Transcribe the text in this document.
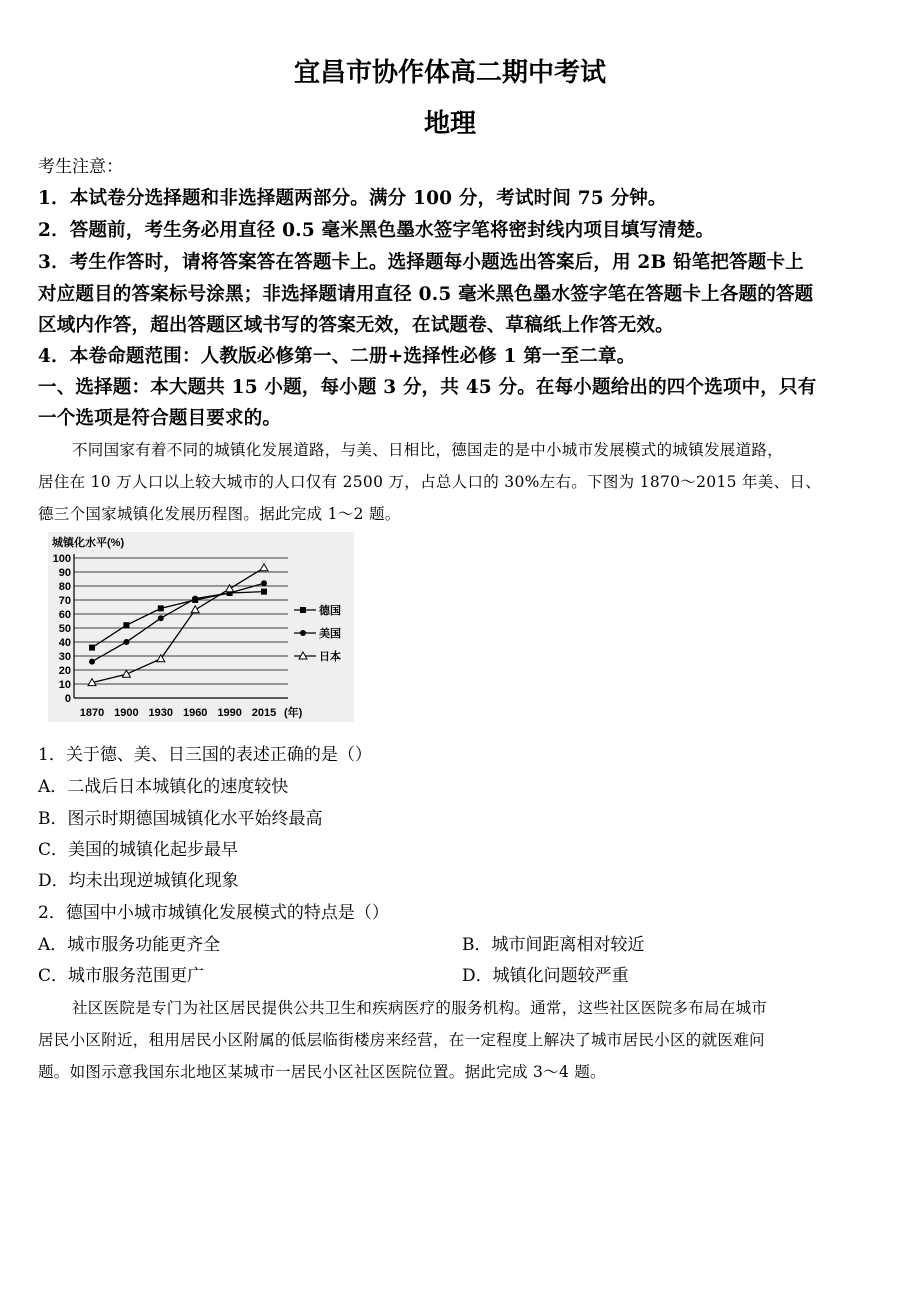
宜昌市协作体高二期中考试
地理

考生注意：

1．本试卷分选择题和非选择题两部分。满分 100 分，考试时间 75 分钟。

2．答题前，考生务必用直径 0.5 毫米黑色墨水签字笔将密封线内项目填写清楚。

3．考生作答时，请将答案答在答题卡上。选择题每小题选出答案后，用 2B 铅笔把答题卡上

对应题目的答案标号涂黑；非选择题请用直径 0.5 毫米黑色墨水签字笔在答题卡上各题的答题

区域内作答，超出答题区域书写的答案无效，在试题卷、草稿纸上作答无效。

4．本卷命题范围：人教版必修第一、二册+选择性必修 1 第一至二章。

一、选择题：本大题共 15 小题，每小题 3 分，共 45 分。在每小题给出的四个选项中，只有

一个选项是符合题目要求的。

不同国家有着不同的城镇化发展道路，与美、日相比，德国走的是中小城市发展模式的城镇发展道路，

居住在 10 万人口以上较大城市的人口仅有 2500 万，占总人口的 30%左右。下图为 1870～2015 年美、日、

德三个国家城镇化发展历程图。据此完成 1～2 题。

城镇化水平(%)
0
10
20
30
40
50
60
70
80
90
100
1870 1900 1930 1960 1990 2015
德国
美国
日本
(年)

1．关于德、美、日三国的表述正确的是（）

A．二战后日本城镇化的速度较快

B．图示时期德国城镇化水平始终最高

C．美国的城镇化起步最早

D．均未出现逆城镇化现象

2．德国中小城市城镇化发展模式的特点是（）

A．城市服务功能更齐全	B．城市间距离相对较近

C．城市服务范围更广	D．城镇化问题较严重

社区医院是专门为社区居民提供公共卫生和疾病医疗的服务机构。通常，这些社区医院多布局在城市

居民小区附近，租用居民小区附属的低层临街楼房来经营，在一定程度上解决了城市居民小区的就医难问

题。如图示意我国东北地区某城市一居民小区社区医院位置。据此完成 3～4 题。
